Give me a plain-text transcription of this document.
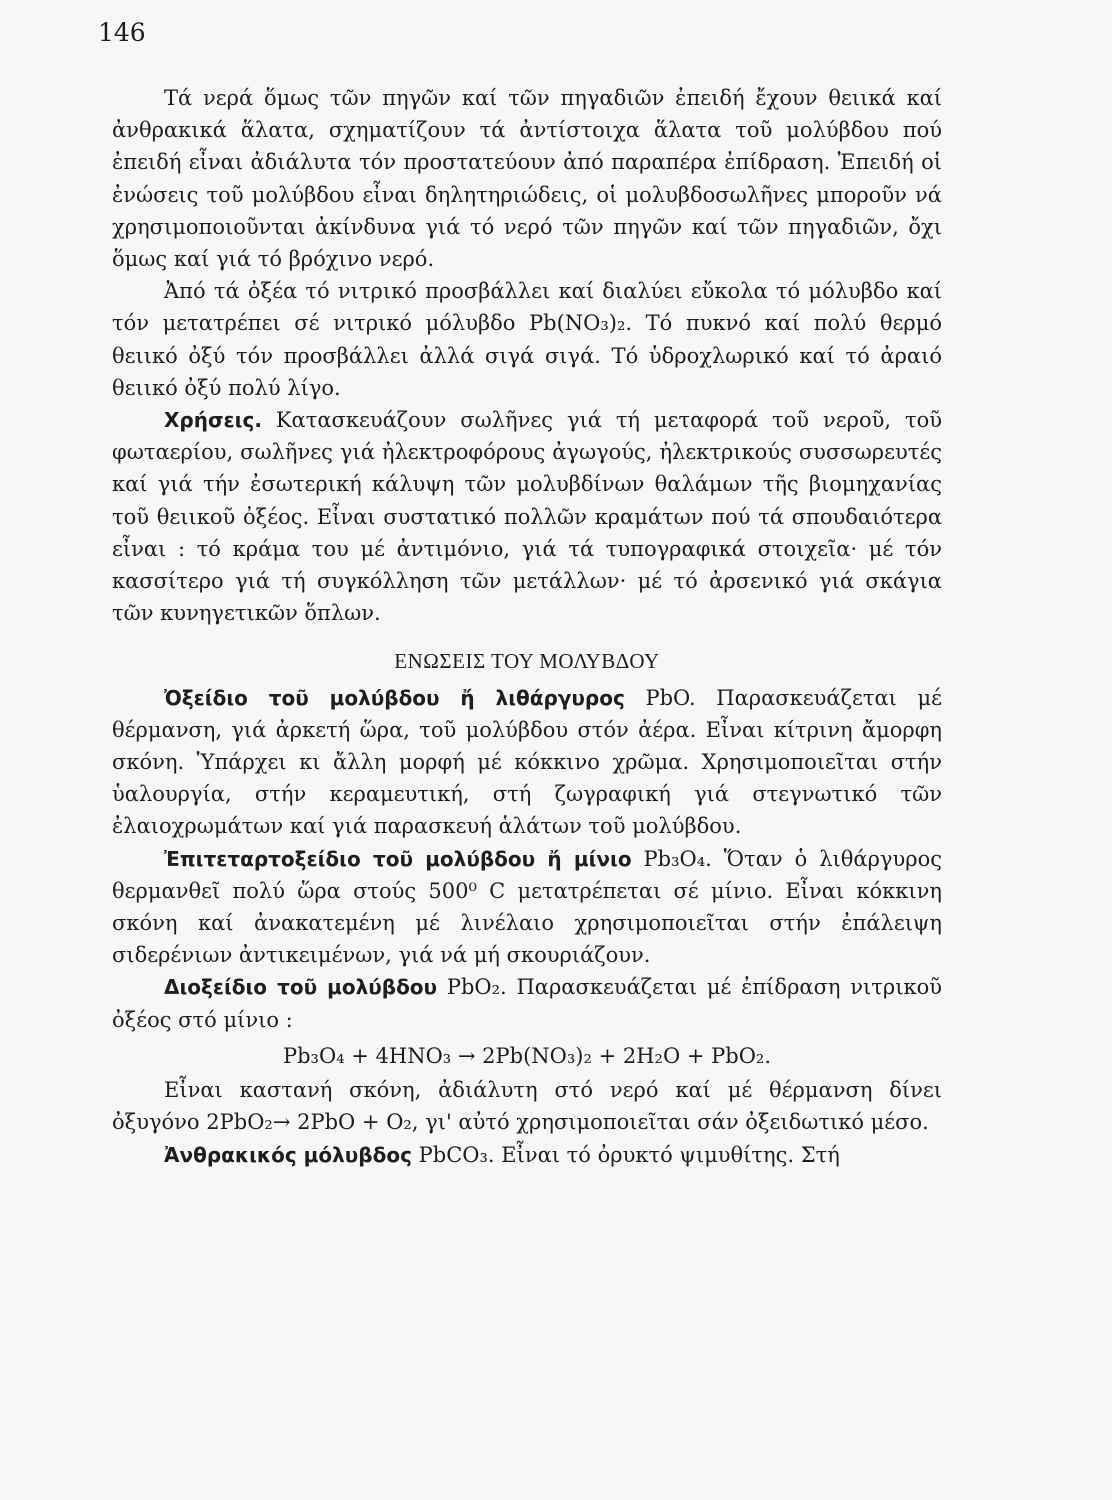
146

Τά νερά ὅμως τῶν πηγῶν καί τῶν πηγαδιῶν ἐπειδή ἔχουν θειικά καί ἀνθρακικά ἅλατα, σχηματίζουν τά ἀντίστοιχα ἅλατα τοῦ μολύβδου πού ἐπειδή εἶναι ἀδιάλυτα τόν προστατεύουν ἀπό παραπέρα ἐπίδραση. Ἐπειδή οἱ ἐνώσεις τοῦ μολύβδου εἶναι δηλητηριώδεις, οἱ μολυβδοσωλῆνες μποροῦν νά χρησιμοποιοῦνται ἀκίνδυνα γιά τό νερό τῶν πηγῶν καί τῶν πηγαδιῶν, ὄχι ὅμως καί γιά τό βρόχινο νερό.

Ἀπό τά ὀξέα τό νιτρικό προσβάλλει καί διαλύει εὔκολα τό μόλυβδο καί τόν μετατρέπει σέ νιτρικό μόλυβδο Pb(NO₃)₂. Τό πυκνό καί πολύ θερμό θειικό ὀξύ τόν προσβάλλει ἀλλά σιγά σιγά. Τό ὑδροχλωρικό καί τό ἀραιό θειικό ὀξύ πολύ λίγο.

Χρήσεις. Κατασκευάζουν σωλῆνες γιά τή μεταφορά τοῦ νεροῦ, τοῦ φωταερίου, σωλῆνες γιά ἠλεκτροφόρους ἀγωγούς, ἠλεκτρικούς συσσωρευτές καί γιά τήν ἐσωτερική κάλυψη τῶν μολυβδίνων θαλάμων τῆς βιομηχανίας τοῦ θειικοῦ ὀξέος. Εἶναι συστατικό πολλῶν κραμάτων πού τά σπουδαιότερα εἶναι : τό κράμα του μέ ἀντιμόνιο, γιά τά τυπογραφικά στοιχεῖα· μέ τόν κασσίτερο γιά τή συγκόλληση τῶν μετάλλων· μέ τό ἀρσενικό γιά σκάγια τῶν κυνηγετικῶν ὅπλων.

ΕΝΩΣΕΙΣ ΤΟΥ ΜΟΛΥΒΔΟΥ

Ὀξείδιο τοῦ μολύβδου ἤ λιθάργυρος PbO. Παρασκευάζεται μέ θέρμανση, γιά ἀρκετή ὥρα, τοῦ μολύβδου στόν ἀέρα. Εἶναι κίτρινη ἄμορφη σκόνη. Ὑπάρχει κι ἄλλη μορφή μέ κόκκινο χρῶμα. Χρησιμοποιεῖται στήν ὑαλουργία, στήν κεραμευτική, στή ζωγραφική γιά στεγνωτικό τῶν ἐλαιοχρωμάτων καί γιά παρασκευή ἁλάτων τοῦ μολύβδου.

Ἐπιτεταρτοξείδιο τοῦ μολύβδου ἤ μίνιο Pb₃O₄. Ὅταν ὁ λιθάργυρος θερμανθεῖ πολύ ὥρα στούς 500⁰ C μετατρέπεται σέ μίνιο. Εἶναι κόκκινη σκόνη καί ἀνακατεμένη μέ λινέλαιο χρησιμοποιεῖται στήν ἐπάλειψη σιδερένιων ἀντικειμένων, γιά νά μή σκουριάζουν.

Διοξείδιο τοῦ μολύβδου PbO₂. Παρασκευάζεται μέ ἐπίδραση νιτρικοῦ ὀξέος στό μίνιο :

Pb₃O₄ + 4HNO₃ → 2Pb(NO₃)₂ + 2H₂O + PbO₂.

Εἶναι καστανή σκόνη, ἀδιάλυτη στό νερό καί μέ θέρμανση δίνει ὀξυγόνο 2PbO₂→ 2PbO + O₂, γι' αὐτό χρησιμοποιεῖται σάν ὀξειδωτικό μέσο.

Ἀνθρακικός μόλυβδος PbCO₃. Εἶναι τό ὀρυκτό ψιμυθίτης. Στή
